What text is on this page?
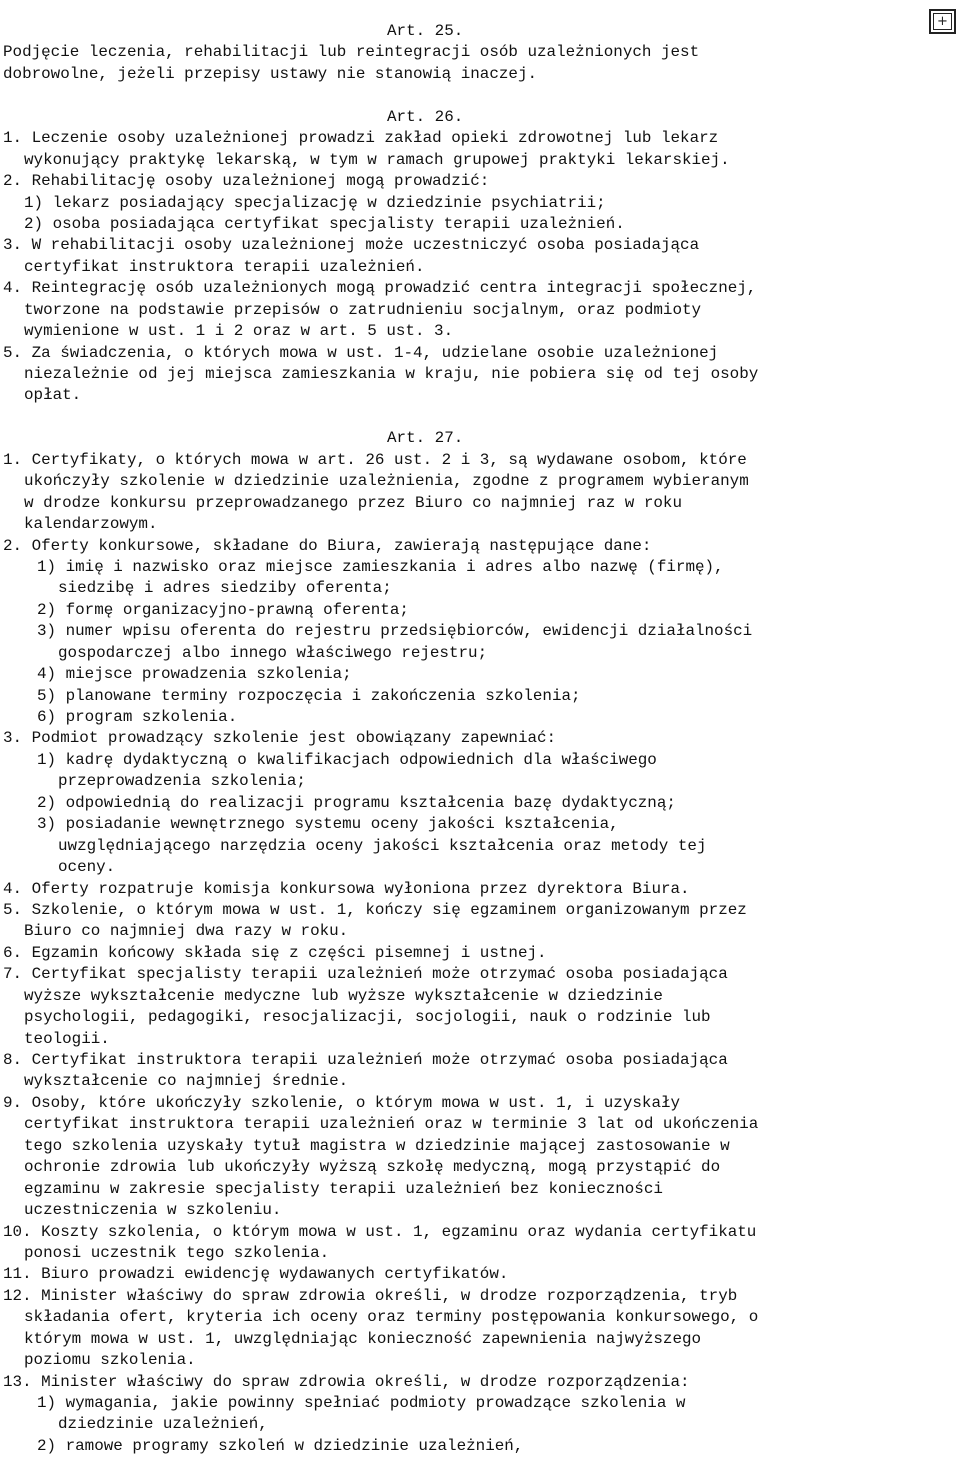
+
Art. 25.
Podjęcie leczenia, rehabilitacji lub reintegracji osób uzależnionych jest
dobrowolne, jeżeli przepisy ustawy nie stanowią inaczej.
Art. 26.
1. Leczenie osoby uzależnionej prowadzi zakład opieki zdrowotnej lub lekarz
wykonujący praktykę lekarską, w tym w ramach grupowej praktyki lekarskiej.
2. Rehabilitację osoby uzależnionej mogą prowadzić:
1) lekarz posiadający specjalizację w dziedzinie psychiatrii;
2) osoba posiadająca certyfikat specjalisty terapii uzależnień.
3. W rehabilitacji osoby uzależnionej może uczestniczyć osoba posiadająca
certyfikat instruktora terapii uzależnień.
4. Reintegrację osób uzależnionych mogą prowadzić centra integracji społecznej,
tworzone na podstawie przepisów o zatrudnieniu socjalnym, oraz podmioty
wymienione w ust. 1 i 2 oraz w art. 5 ust. 3.
5. Za świadczenia, o których mowa w ust. 1-4, udzielane osobie uzależnionej
niezależnie od jej miejsca zamieszkania w kraju, nie pobiera się od tej osoby
opłat.
Art. 27.
1. Certyfikaty, o których mowa w art. 26 ust. 2 i 3, są wydawane osobom, które
ukończyły szkolenie w dziedzinie uzależnienia, zgodne z programem wybieranym
w drodze konkursu przeprowadzanego przez Biuro co najmniej raz w roku
kalendarzowym.
2. Oferty konkursowe, składane do Biura, zawierają następujące dane:
1) imię i nazwisko oraz miejsce zamieszkania i adres albo nazwę (firmę),
siedzibę i adres siedziby oferenta;
2) formę organizacyjno-prawną oferenta;
3) numer wpisu oferenta do rejestru przedsiębiorców, ewidencji działalności
gospodarczej albo innego właściwego rejestru;
4) miejsce prowadzenia szkolenia;
5) planowane terminy rozpoczęcia i zakończenia szkolenia;
6) program szkolenia.
3. Podmiot prowadzący szkolenie jest obowiązany zapewniać:
1) kadrę dydaktyczną o kwalifikacjach odpowiednich dla właściwego
przeprowadzenia szkolenia;
2) odpowiednią do realizacji programu kształcenia bazę dydaktyczną;
3) posiadanie wewnętrznego systemu oceny jakości kształcenia,
uwzględniającego narzędzia oceny jakości kształcenia oraz metody tej
oceny.
4. Oferty rozpatruje komisja konkursowa wyłoniona przez dyrektora Biura.
5. Szkolenie, o którym mowa w ust. 1, kończy się egzaminem organizowanym przez
Biuro co najmniej dwa razy w roku.
6. Egzamin końcowy składa się z części pisemnej i ustnej.
7. Certyfikat specjalisty terapii uzależnień może otrzymać osoba posiadająca
wyższe wykształcenie medyczne lub wyższe wykształcenie w dziedzinie
psychologii, pedagogiki, resocjalizacji, socjologii, nauk o rodzinie lub
teologii.
8. Certyfikat instruktora terapii uzależnień może otrzymać osoba posiadająca
wykształcenie co najmniej średnie.
9. Osoby, które ukończyły szkolenie, o którym mowa w ust. 1, i uzyskały
certyfikat instruktora terapii uzależnień oraz w terminie 3 lat od ukończenia
tego szkolenia uzyskały tytuł magistra w dziedzinie mającej zastosowanie w
ochronie zdrowia lub ukończyły wyższą szkołę medyczną, mogą przystąpić do
egzaminu w zakresie specjalisty terapii uzależnień bez konieczności
uczestniczenia w szkoleniu.
10. Koszty szkolenia, o którym mowa w ust. 1, egzaminu oraz wydania certyfikatu
ponosi uczestnik tego szkolenia.
11. Biuro prowadzi ewidencję wydawanych certyfikatów.
12. Minister właściwy do spraw zdrowia określi, w drodze rozporządzenia, tryb
składania ofert, kryteria ich oceny oraz terminy postępowania konkursowego, o
którym mowa w ust. 1, uwzględniając konieczność zapewnienia najwyższego
poziomu szkolenia.
13. Minister właściwy do spraw zdrowia określi, w drodze rozporządzenia:
1) wymagania, jakie powinny spełniać podmioty prowadzące szkolenia w
dziedzinie uzależnień,
2) ramowe programy szkoleń w dziedzinie uzależnień,
